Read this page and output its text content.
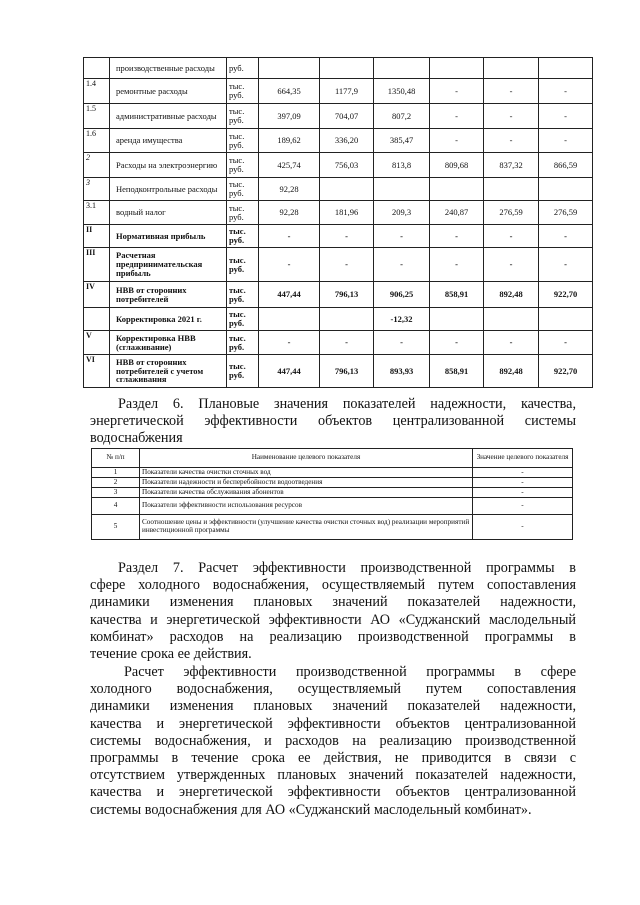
	производственные расходы	руб.						
1.4	ремонтные расходы	тыс. руб.	664,35	1177,9	1350,48	-	-	-
1.5	административные расходы	тыс. руб.	397,09	704,07	807,2	-	-	-
1.6	аренда имущества	тыс. руб.	189,62	336,20	385,47	-	-	-
2	Расходы на электроэнергию	тыс. руб.	425,74	756,03	813,8	809,68	837,32	866,59
3	Неподконтрольные расходы	тыс. руб.	92,28					
3.1	водный налог	тыс. руб.	92,28	181,96	209,3	240,87	276,59	276,59
II	Нормативная прибыль	тыс. руб.	-	-	-	-	-	-
III	Расчетная предпринимательская прибыль	тыс. руб.	-	-	-	-	-	-
IV	НВВ от сторонних потребителей	тыс. руб.	447,44	796,13	906,25	858,91	892,48	922,70
	Корректировка 2021 г.	тыс. руб.			-12,32			
V	Корректировка НВВ (сглаживание)	тыс. руб.	-	-	-	-	-	-
VI	НВВ от сторонних потребителей с учетом сглаживания	тыс. руб.	447,44	796,13	893,93	858,91	892,48	922,70
Раздел 6. Плановые значения показателей надежности, качества,
энергетической эффективности объектов централизованной системы
водоснабжения
№ п/п	Наименование целевого показателя	Значение целевого показателя
1	Показатели качества очистки сточных вод	-
2	Показатели надежности и бесперебойности водоотведения	-
3	Показатели качества обслуживания абонентов	-
4	Показатели эффективности использования ресурсов	-
5	Соотношение цены и эффективности (улучшение качества очистки сточных вод) реализации мероприятий инвестиционной программы	-
Раздел 7. Расчет эффективности производственной программы в
сфере холодного водоснабжения, осуществляемый путем сопоставления
динамики изменения плановых значений показателей надежности,
качества и энергетической эффективности АО «Суджанский маслодельный
комбинат» расходов на реализацию производственной программы в
течение срока ее действия.
Расчет эффективности производственной программы в сфере
холодного водоснабжения, осуществляемый путем сопоставления
динамики изменения плановых значений показателей надежности,
качества и энергетической эффективности объектов централизованной
системы водоснабжения, и расходов на реализацию производственной
программы в течение срока ее действия, не приводится в связи с
отсутствием утвержденных плановых значений показателей надежности,
качества и энергетической эффективности объектов централизованной
системы водоснабжения для АО «Суджанский маслодельный комбинат».
